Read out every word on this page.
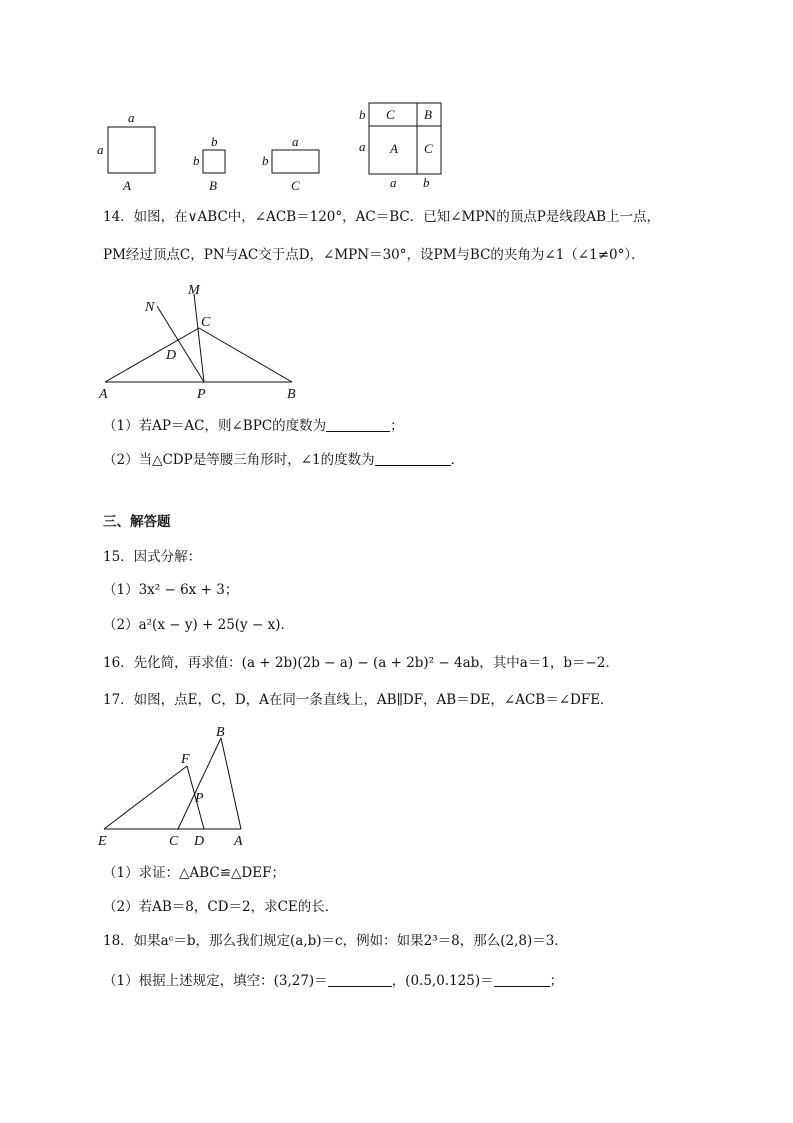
a
a
A
b
b
B
a
b
C
C B
A C
b
a
a b
14．如图，在∨ABC中，∠ACB＝120°，AC＝BC．已知∠MPN的顶点P是线段AB上一点，
PM经过顶点C，PN与AC交于点D，∠MPN＝30°，设PM与BC的夹角为∠1（∠1≠0°）．
N
M
C
D
A	P	B
（1）若AP＝AC，则∠BPC的度数为	；
（2）当△CDP是等腰三角形时，∠1的度数为	．
三、解答题
15．因式分解：
（1）3x² − 6x + 3；
（2）a²(x − y) + 25(y − x)．
16．先化简，再求值：(a + 2b)(2b − a) − (a + 2b)² − 4ab，其中a＝1，b＝−2．
17．如图，点E，C，D，A在同一条直线上，AB∥DF，AB＝DE，∠ACB＝∠DFE．
B
F
P
E	C D A
（1）求证：△ABC≌△DEF；
（2）若AB＝8，CD＝2，求CE的长．
18．如果aᶜ＝b，那么我们规定(a,b)＝c，例如：如果2³＝8，那么(2,8)＝3．
（1）根据上述规定，填空：(3,27)＝	，(0.5,0.125)＝	；
